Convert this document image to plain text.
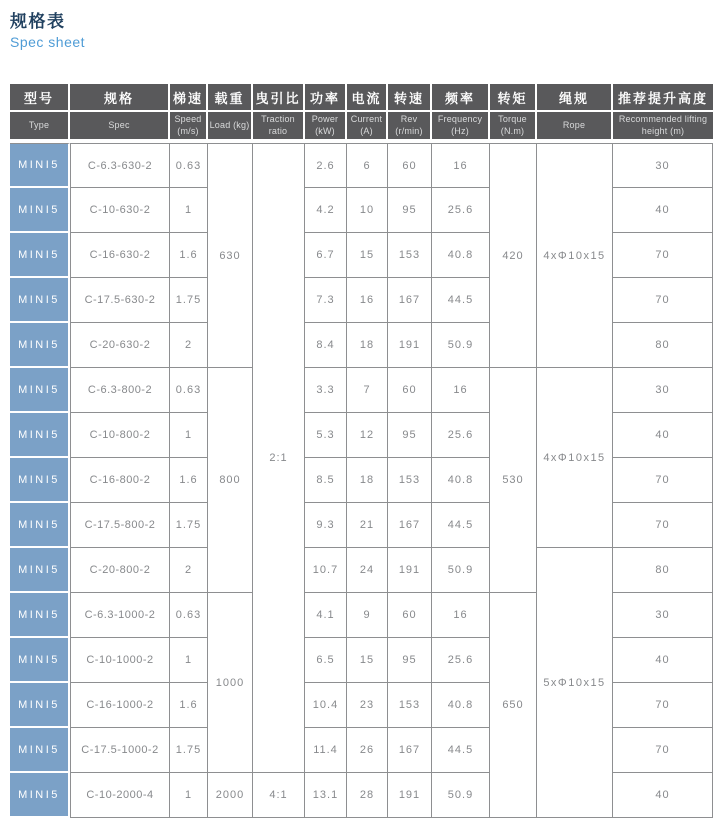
规格表

Spec sheet

型号	规格	梯速	载重	曳引比	功率	电流	转速	频率	转矩	绳规	推荐提升高度
Type	Spec	Speed (m/s)	Load (kg)	Traction ratio	Power (kW)	Current (A)	Rev (r/min)	Frequency (Hz)	Torque (N.m)	Rope	Recommended lifting height (m)
MINI5	C-6.3-630-2	0.63	630	2:1	2.6	6	60	16	420	4xΦ10x15	30
MINI5	C-10-630-2	1			4.2	10	95	25.6			40
MINI5	C-16-630-2	1.6			6.7	15	153	40.8			70
MINI5	C-17.5-630-2	1.75			7.3	16	167	44.5			70
MINI5	C-20-630-2	2			8.4	18	191	50.9			80
MINI5	C-6.3-800-2	0.63	800		3.3	7	60	16	530	4xΦ10x15	30
MINI5	C-10-800-2	1			5.3	12	95	25.6			40
MINI5	C-16-800-2	1.6			8.5	18	153	40.8			70
MINI5	C-17.5-800-2	1.75			9.3	21	167	44.5			70
MINI5	C-20-800-2	2			10.7	24	191	50.9		5xΦ10x15	80
MINI5	C-6.3-1000-2	0.63	1000		4.1	9	60	16	650		30
MINI5	C-10-1000-2	1			6.5	15	95	25.6			40
MINI5	C-16-1000-2	1.6			10.4	23	153	40.8			70
MINI5	C-17.5-1000-2	1.75			11.4	26	167	44.5			70
MINI5	C-10-2000-4	1	2000	4:1	13.1	28	191	50.9			40
